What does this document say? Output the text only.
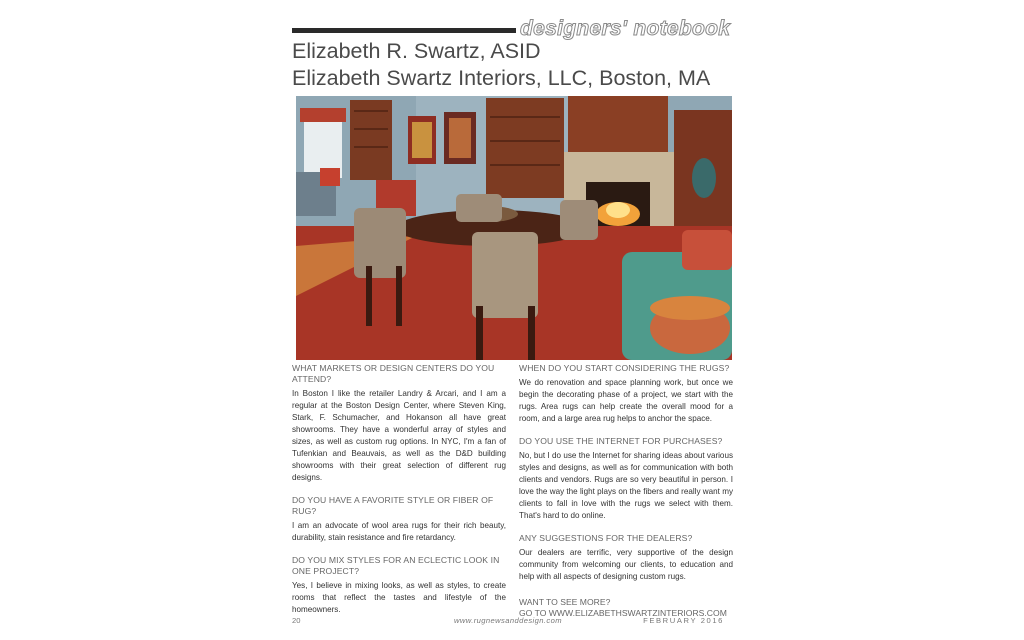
designers' notebook
Elizabeth R. Swartz, ASID
Elizabeth Swartz Interiors, LLC, Boston, MA
WHAT MARKETS OR DESIGN CENTERS DO YOU ATTEND?
In Boston I like the retailer Landry & Arcari, and I am a regular at the Boston Design Center, where Steven King, Stark, F. Schumacher, and Hokanson all have great showrooms. They have a wonderful array of styles and sizes, as well as custom rug options. In NYC, I'm a fan of Tufenkian and Beauvais, as well as the D&D building showrooms with their great selection of different rug designs.
DO YOU HAVE A FAVORITE STYLE OR FIBER OF RUG?
I am an advocate of wool area rugs for their rich beauty, durability, stain resistance and fire retardancy.
DO YOU MIX STYLES FOR AN ECLECTIC LOOK IN ONE PROJECT?
Yes, I believe in mixing looks, as well as styles, to create rooms that reflect the tastes and lifestyle of the homeowners.
WHEN DO YOU START CONSIDERING THE RUGS?
We do renovation and space planning work, but once we begin the decorating phase of a project, we start with the rugs. Area rugs can help create the overall mood for a room, and a large area rug helps to anchor the space.
DO YOU USE THE INTERNET FOR PURCHASES?
No, but I do use the Internet for sharing ideas about various styles and designs, as well as for communication with both clients and vendors. Rugs are so very beautiful in person. I love the way the light plays on the fibers and really want my clients to fall in love with the rugs we select with them. That's hard to do online.
ANY SUGGESTIONS FOR THE DEALERS?
Our dealers are terrific, very supportive of the design community from welcoming our clients, to education and help with all aspects of designing custom rugs.
WANT TO SEE MORE?
GO TO WWW.ELIZABETHSWARTZINTERIORS.COM
20	www.rugnewsanddesign.com	FEBRUARY 2016
